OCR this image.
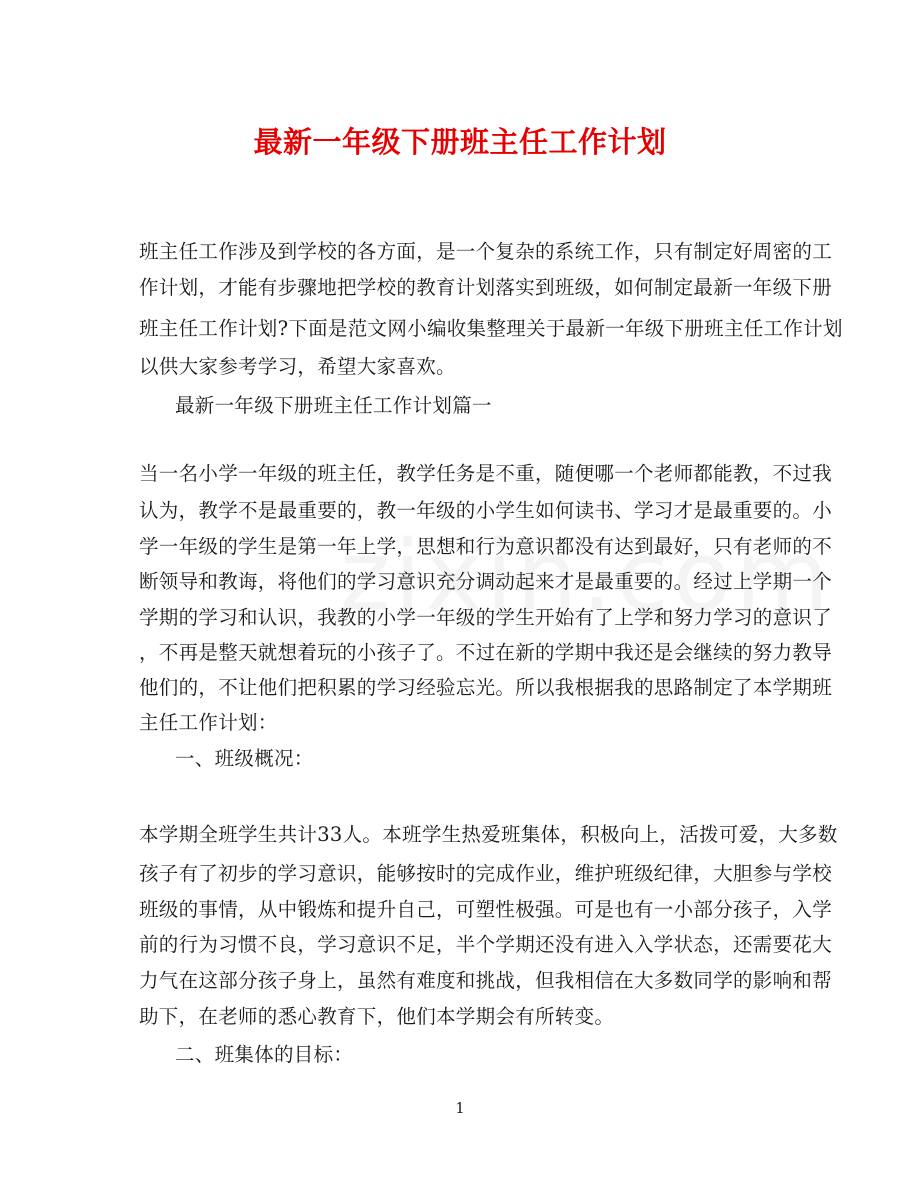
最新一年级下册班主任工作计划
班主任工作涉及到学校的各方面，是一个复杂的系统工作，只有制定好周密的工
作计划，才能有步骤地把学校的教育计划落实到班级，如何制定最新一年级下册
班主任工作计划?下面是范文网小编收集整理关于最新一年级下册班主任工作计划
以供大家参考学习，希望大家喜欢。
最新一年级下册班主任工作计划篇一
当一名小学一年级的班主任，教学任务是不重，随便哪一个老师都能教，不过我
认为，教学不是最重要的，教一年级的小学生如何读书、学习才是最重要的。小
学一年级的学生是第一年上学，思想和行为意识都没有达到最好，只有老师的不
断领导和教诲，将他们的学习意识充分调动起来才是最重要的。经过上学期一个
学期的学习和认识，我教的小学一年级的学生开始有了上学和努力学习的意识了
，不再是整天就想着玩的小孩子了。不过在新的学期中我还是会继续的努力教导
他们的，不让他们把积累的学习经验忘光。所以我根据我的思路制定了本学期班
主任工作计划：
一、班级概况：
本学期全班学生共计33人。本班学生热爱班集体，积极向上，活拨可爱，大多数
孩子有了初步的学习意识，能够按时的完成作业，维护班级纪律，大胆参与学校
班级的事情，从中锻炼和提升自己，可塑性极强。可是也有一小部分孩子，入学
前的行为习惯不良，学习意识不足，半个学期还没有进入入学状态，还需要花大
力气在这部分孩子身上，虽然有难度和挑战，但我相信在大多数同学的影响和帮
助下，在老师的悉心教育下，他们本学期会有所转变。
二、班集体的目标：
1
